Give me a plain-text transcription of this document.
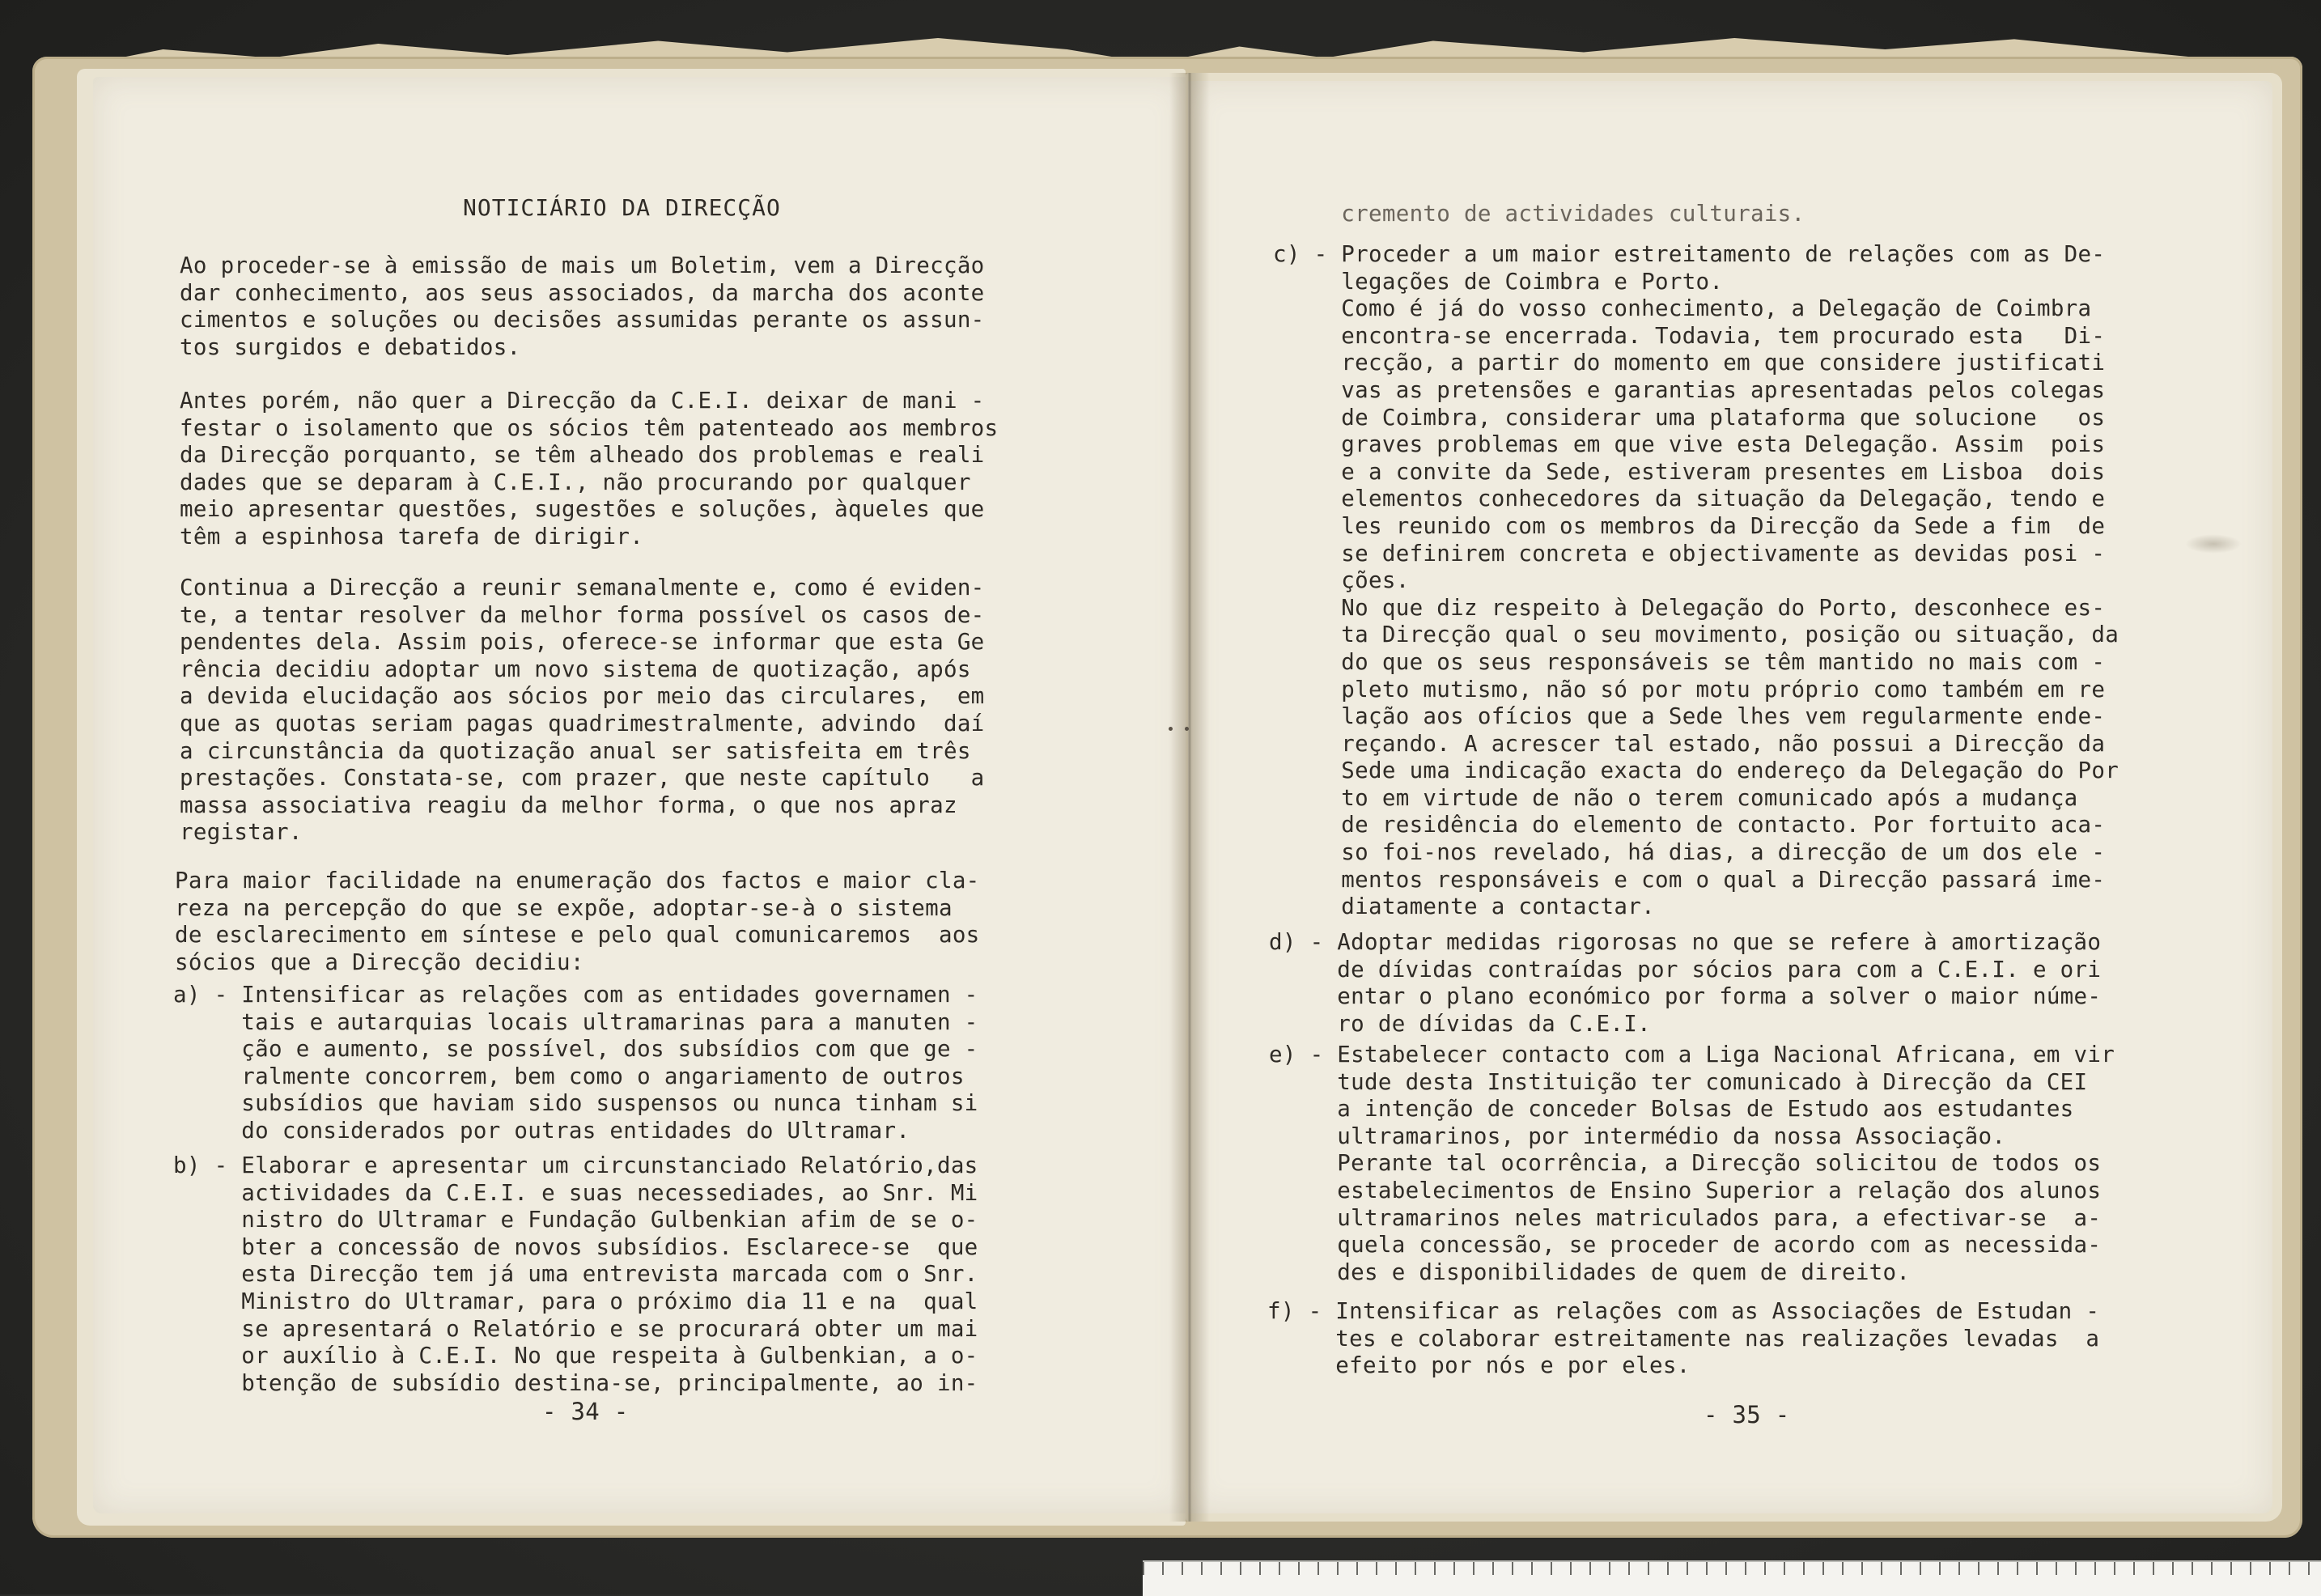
NOTICIÁRIO DA DIRECÇÃO
Ao proceder-se à emissão de mais um Boletim, vem a Direcção
dar conhecimento, aos seus associados, da marcha dos aconte
cimentos e soluções ou decisões assumidas perante os assun-
tos surgidos e debatidos.
Antes porém, não quer a Direcção da C.E.I. deixar de mani -
festar o isolamento que os sócios têm patenteado aos membros
da Direcção porquanto, se têm alheado dos problemas e reali
dades que se deparam à C.E.I., não procurando por qualquer
meio apresentar questões, sugestões e soluções, àqueles que
têm a espinhosa tarefa de dirigir.
Continua a Direcção a reunir semanalmente e, como é eviden-
te, a tentar resolver da melhor forma possível os casos de-
pendentes dela. Assim pois, oferece-se informar que esta Ge
rência decidiu adoptar um novo sistema de quotização, após
a devida elucidação aos sócios por meio das circulares,  em
que as quotas seriam pagas quadrimestralmente, advindo  daí
a circunstância da quotização anual ser satisfeita em três
prestações. Constata-se, com prazer, que neste capítulo   a
massa associativa reagiu da melhor forma, o que nos apraz
registar.
Para maior facilidade na enumeração dos factos e maior cla-
reza na percepção do que se expõe, adoptar-se-à o sistema
de esclarecimento em síntese e pelo qual comunicaremos  aos
sócios que a Direcção decidiu:
a) - Intensificar as relações com as entidades governamen -
tais e autarquias locais ultramarinas para a manuten -
ção e aumento, se possível, dos subsídios com que ge -
ralmente concorrem, bem como o angariamento de outros
subsídios que haviam sido suspensos ou nunca tinham si
do considerados por outras entidades do Ultramar.
b) - Elaborar e apresentar um circunstanciado Relatório,das
actividades da C.E.I. e suas necessediades, ao Snr. Mi
nistro do Ultramar e Fundação Gulbenkian afim de se o-
bter a concessão de novos subsídios. Esclarece-se  que
esta Direcção tem já uma entrevista marcada com o Snr.
Ministro do Ultramar, para o próximo dia 11 e na  qual
se apresentará o Relatório e se procurará obter um mai
or auxílio à C.E.I. No que respeita à Gulbenkian, a o-
btenção de subsídio destina-se, principalmente, ao in-
- 34 -
cremento de actividades culturais.
c) - Proceder a um maior estreitamento de relações com as De-
legações de Coimbra e Porto.
Como é já do vosso conhecimento, a Delegação de Coimbra
encontra-se encerrada. Todavia, tem procurado esta   Di-
recção, a partir do momento em que considere justificati
vas as pretensões e garantias apresentadas pelos colegas
de Coimbra, considerar uma plataforma que solucione   os
graves problemas em que vive esta Delegação. Assim  pois
e a convite da Sede, estiveram presentes em Lisboa  dois
elementos conhecedores da situação da Delegação, tendo e
les reunido com os membros da Direcção da Sede a fim  de
se definirem concreta e objectivamente as devidas posi -
ções.
No que diz respeito à Delegação do Porto, desconhece es-
ta Direcção qual o seu movimento, posição ou situação, da
do que os seus responsáveis se têm mantido no mais com -
pleto mutismo, não só por motu próprio como também em re
lação aos ofícios que a Sede lhes vem regularmente ende-
reçando. A acrescer tal estado, não possui a Direcção da
Sede uma indicação exacta do endereço da Delegação do Por
to em virtude de não o terem comunicado após a mudança
de residência do elemento de contacto. Por fortuito aca-
so foi-nos revelado, há dias, a direcção de um dos ele -
mentos responsáveis e com o qual a Direcção passará ime-
diatamente a contactar.
d) - Adoptar medidas rigorosas no que se refere à amortização
de dívidas contraídas por sócios para com a C.E.I. e ori
entar o plano económico por forma a solver o maior núme-
ro de dívidas da C.E.I.
e) - Estabelecer contacto com a Liga Nacional Africana, em vir
tude desta Instituição ter comunicado à Direcção da CEI
a intenção de conceder Bolsas de Estudo aos estudantes
ultramarinos, por intermédio da nossa Associação.
Perante tal ocorrência, a Direcção solicitou de todos os
estabelecimentos de Ensino Superior a relação dos alunos
ultramarinos neles matriculados para, a efectivar-se  a-
quela concessão, se proceder de acordo com as necessida-
des e disponibilidades de quem de direito.
f) - Intensificar as relações com as Associações de Estudan -
tes e colaborar estreitamente nas realizações levadas  a
efeito por nós e por eles.
- 35 -
